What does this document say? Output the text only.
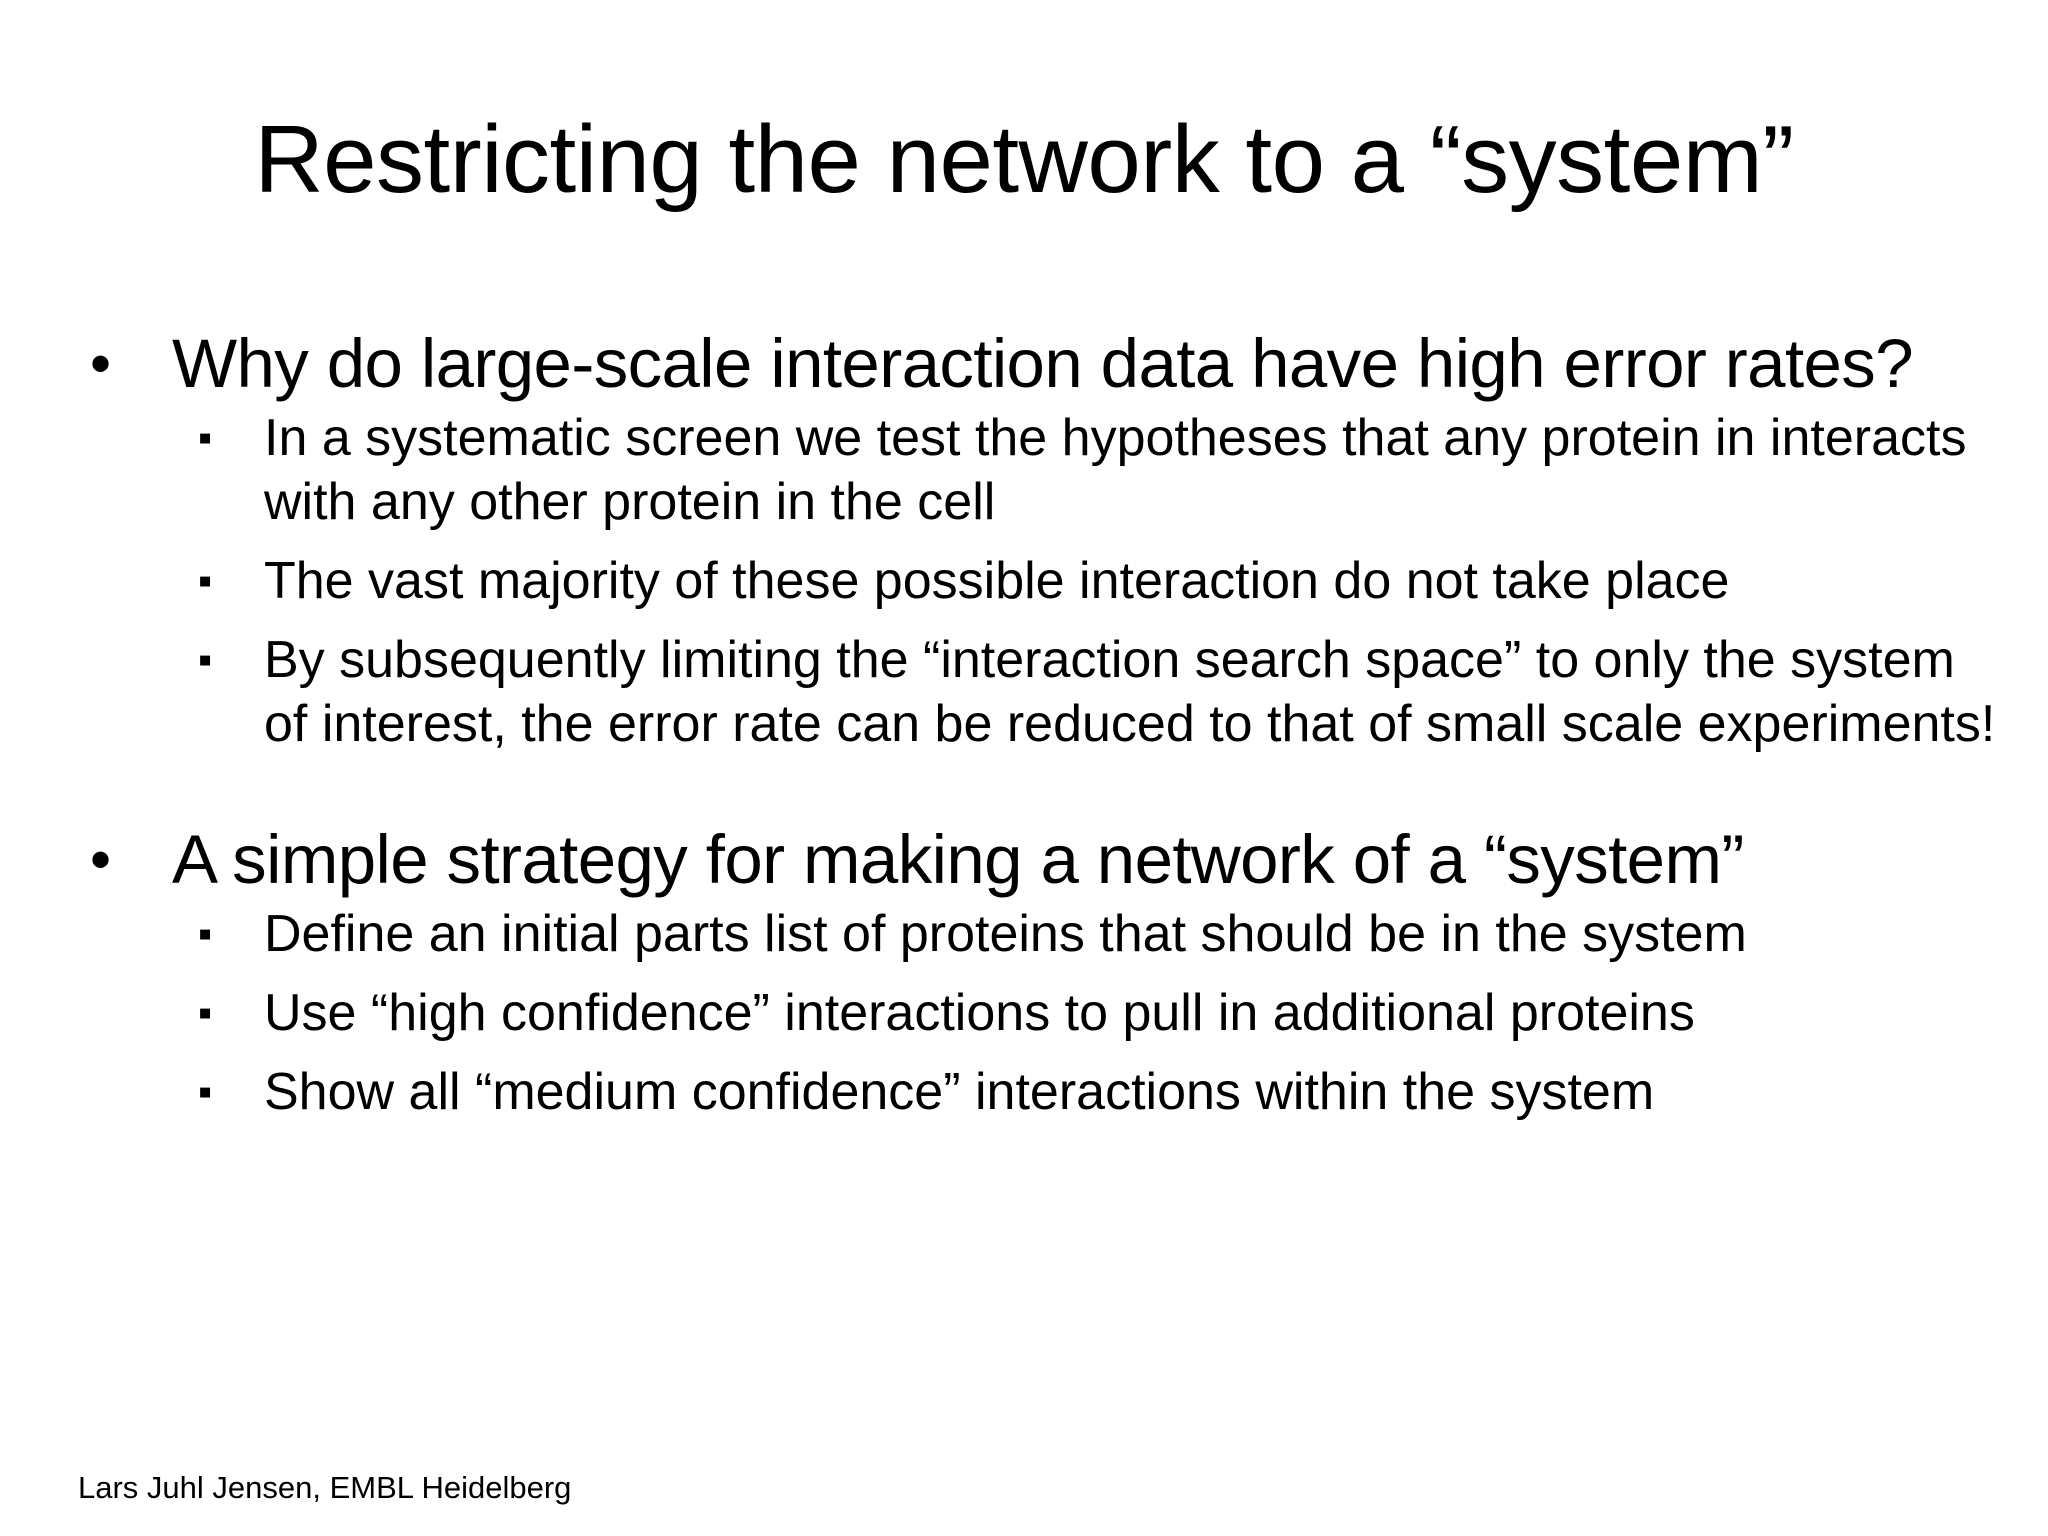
Restricting the network to a “system”
• Why do large-scale interaction data have high error rates?
▪ In a systematic screen we test the hypotheses that any protein in interacts with any other protein in the cell
▪ The vast majority of these possible interaction do not take place
▪ By subsequently limiting the “interaction search space” to only the system of interest, the error rate can be reduced to that of small scale experiments!
• A simple strategy for making a network of a “system”
▪ Define an initial parts list of proteins that should be in the system
▪ Use “high confidence” interactions to pull in additional proteins
▪ Show all “medium confidence” interactions within the system
Lars Juhl Jensen, EMBL Heidelberg
